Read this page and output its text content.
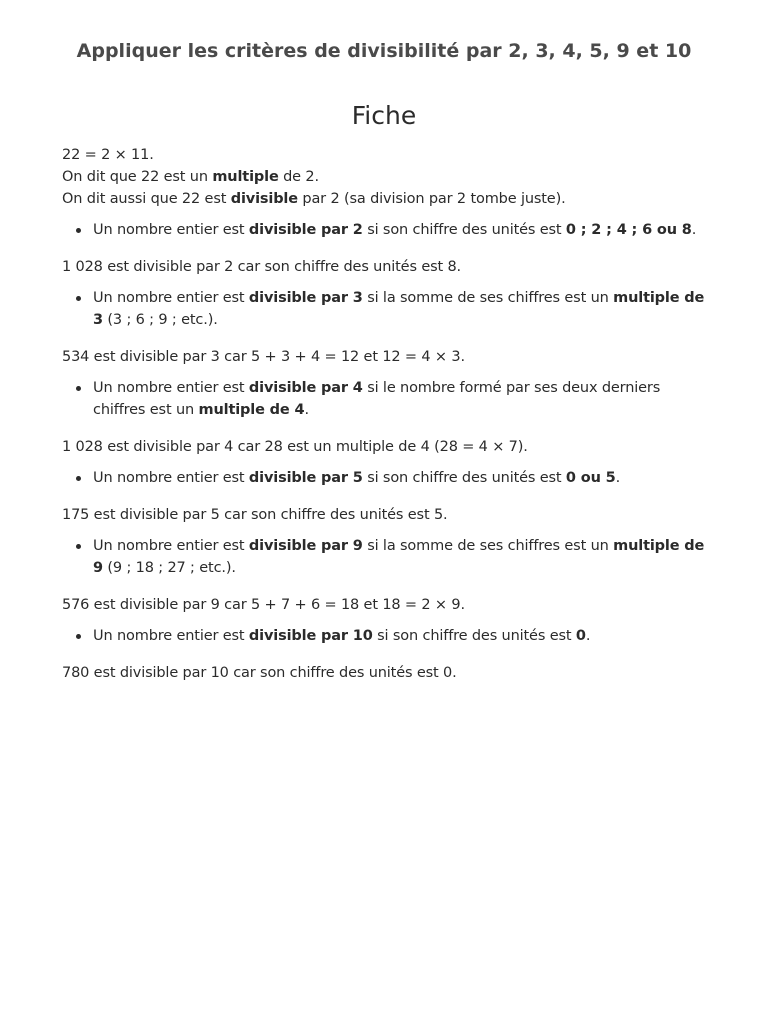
Appliquer les critères de divisibilité par 2, 3, 4, 5, 9 et 10
Fiche

22 = 2 × 11.
On dit que 22 est un multiple de 2.
On dit aussi que 22 est divisible par 2 (sa division par 2 tombe juste).

Un nombre entier est divisible par 2 si son chiffre des unités est 0 ; 2 ; 4 ; 6 ou 8.

1 028 est divisible par 2 car son chiffre des unités est 8.

Un nombre entier est divisible par 3 si la somme de ses chiffres est un multiple de 3 (3 ; 6 ; 9 ; etc.).

534 est divisible par 3 car 5 + 3 + 4 = 12 et 12 = 4 × 3.

Un nombre entier est divisible par 4 si le nombre formé par ses deux derniers chiffres est un multiple de 4.

1 028 est divisible par 4 car 28 est un multiple de 4 (28 = 4 × 7).

Un nombre entier est divisible par 5 si son chiffre des unités est 0 ou 5.

175 est divisible par 5 car son chiffre des unités est 5.

Un nombre entier est divisible par 9 si la somme de ses chiffres est un multiple de 9 (9 ; 18 ; 27 ; etc.).

576 est divisible par 9 car 5 + 7 + 6 = 18 et 18 = 2 × 9.

Un nombre entier est divisible par 10 si son chiffre des unités est 0.

780 est divisible par 10 car son chiffre des unités est 0.
